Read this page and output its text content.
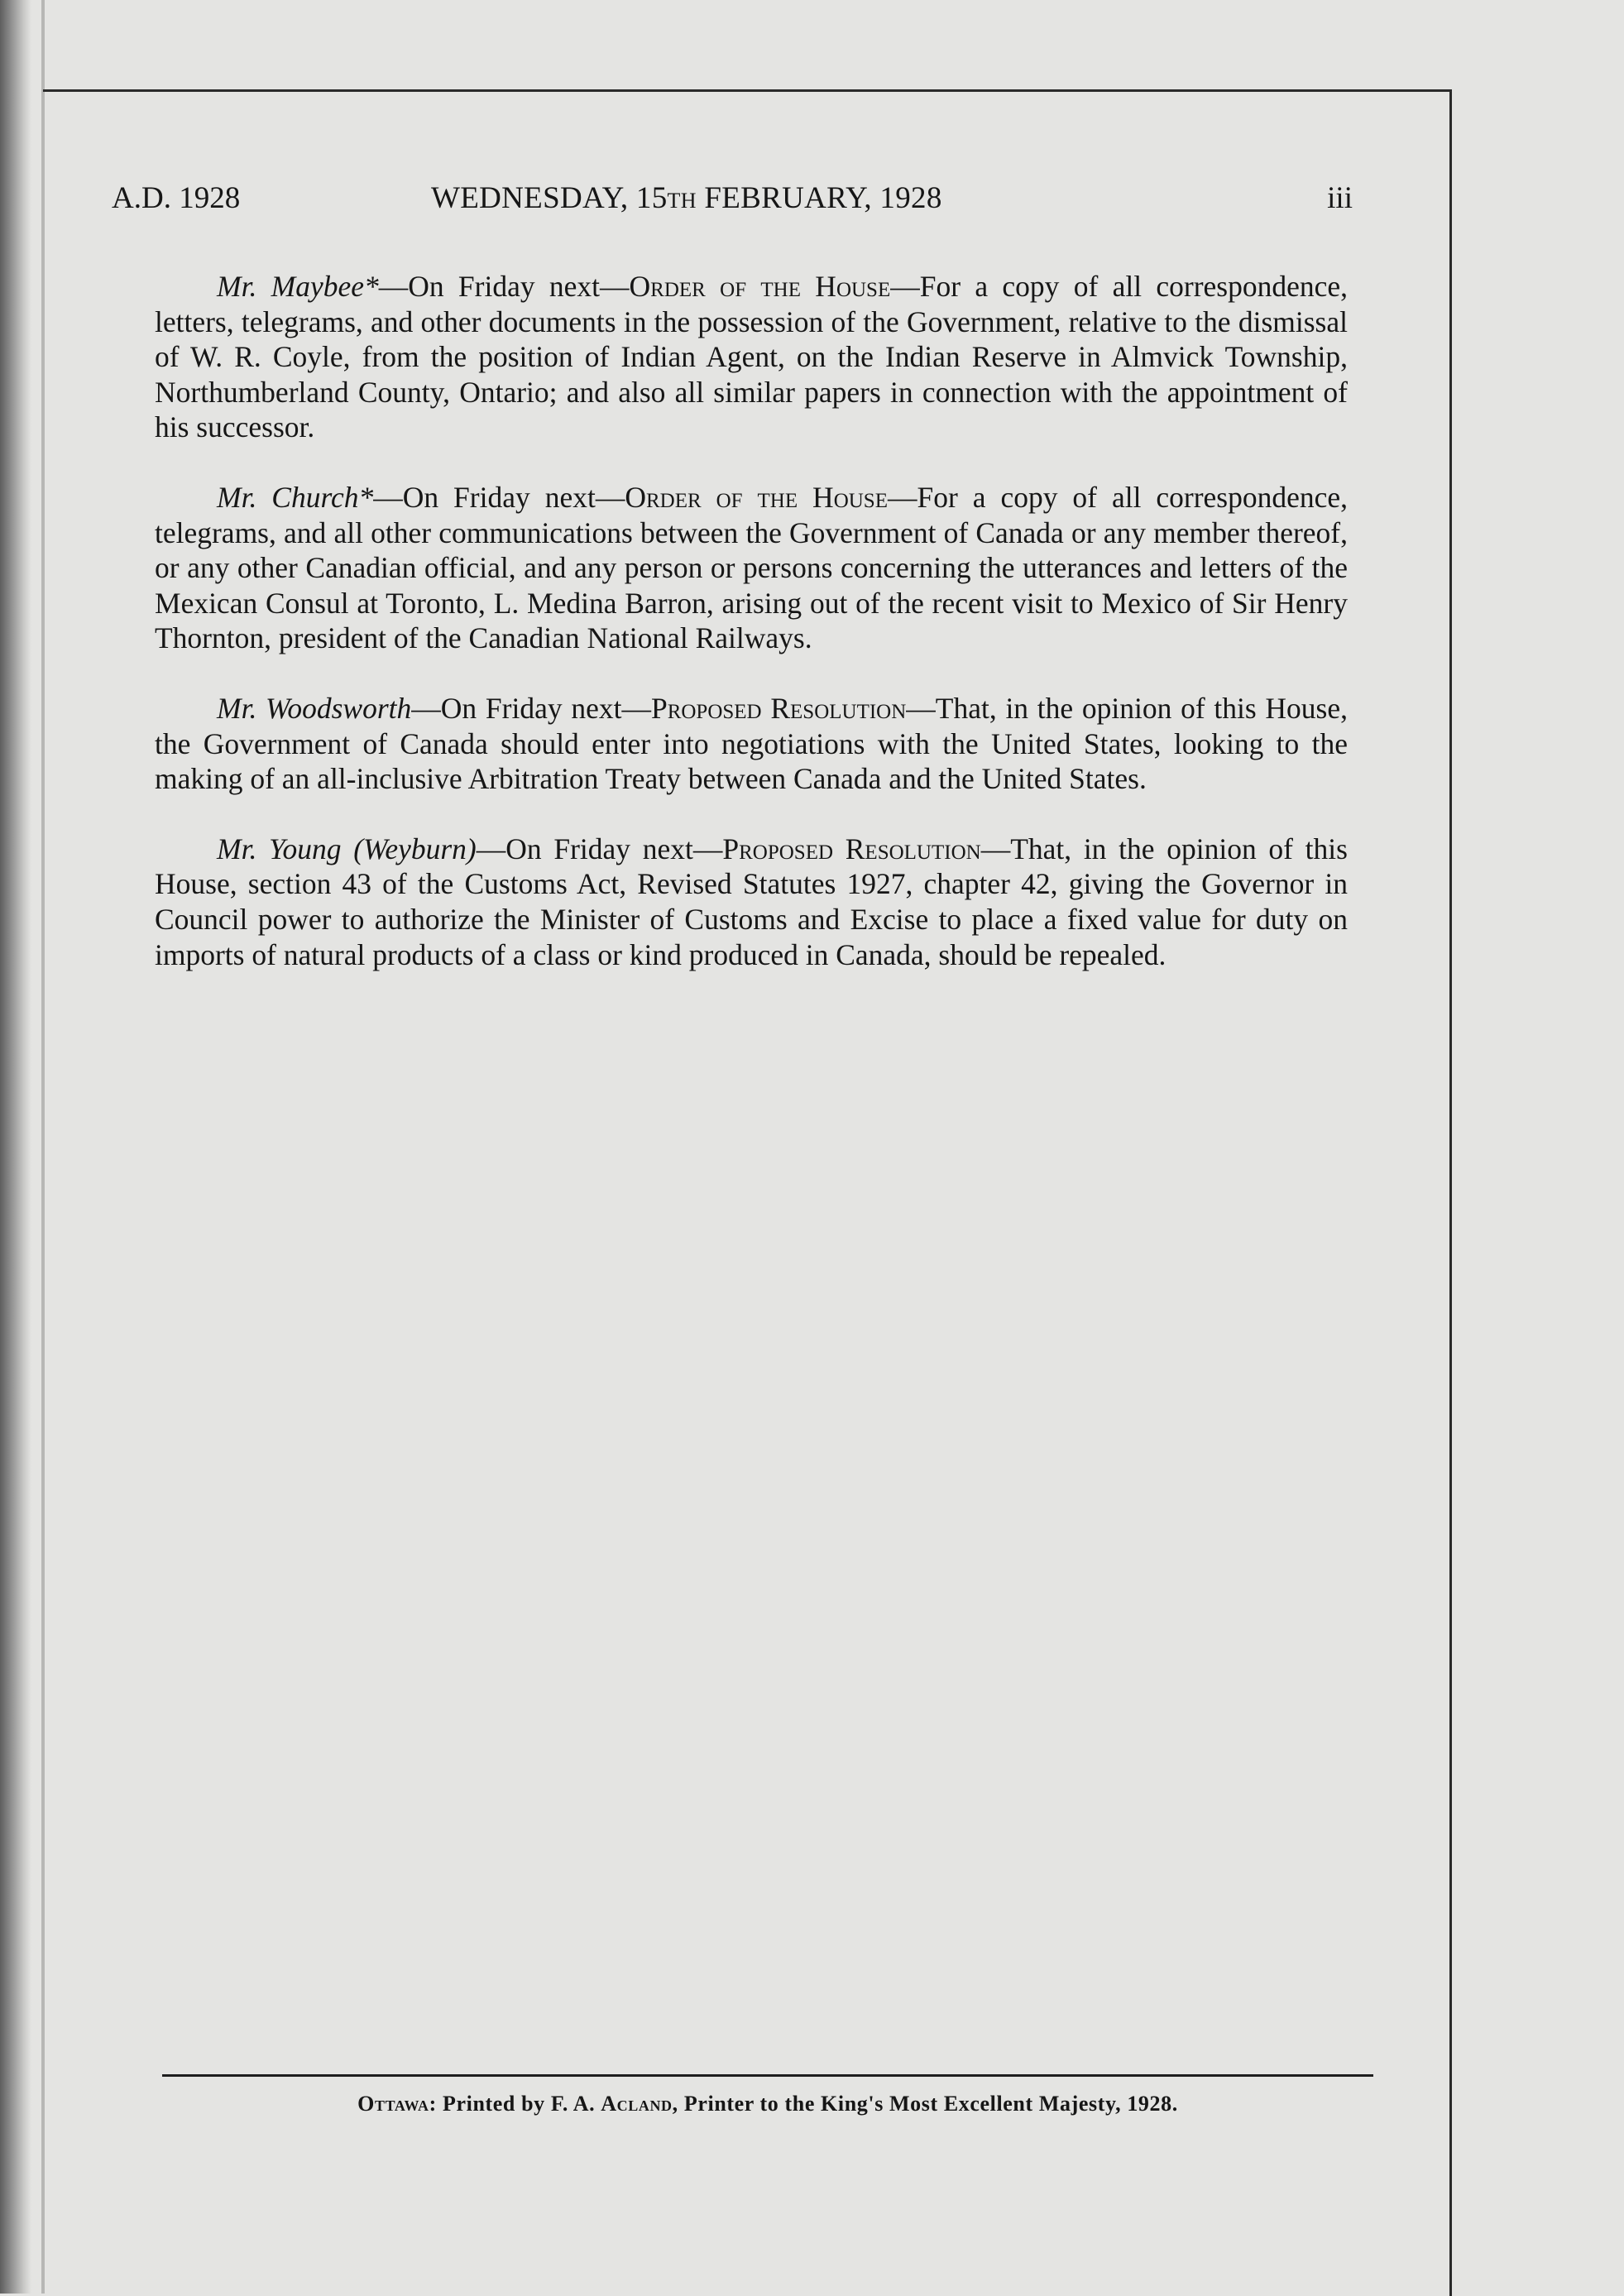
A.D. 1928	WEDNESDAY, 15th FEBRUARY, 1928	iii

Mr. Maybee*—On Friday next—Order of the House—For a copy of all correspondence, letters, telegrams, and other documents in the possession of the Government, relative to the dismissal of W. R. Coyle, from the position of Indian Agent, on the Indian Reserve in Almvick Township, Northumberland County, Ontario; and also all similar papers in connection with the appointment of his successor.

Mr. Church*—On Friday next—Order of the House—For a copy of all correspondence, telegrams, and all other communications between the Government of Canada or any member thereof, or any other Canadian official, and any person or persons concerning the utterances and letters of the Mexican Consul at Toronto, L. Medina Barron, arising out of the recent visit to Mexico of Sir Henry Thornton, president of the Canadian National Railways.

Mr. Woodsworth—On Friday next—Proposed Resolution—That, in the opinion of this House, the Government of Canada should enter into negotiations with the United States, looking to the making of an all-inclusive Arbitration Treaty between Canada and the United States.

Mr. Young (Weyburn)—On Friday next—Proposed Resolution—That, in the opinion of this House, section 43 of the Customs Act, Revised Statutes 1927, chapter 42, giving the Governor in Council power to authorize the Minister of Customs and Excise to place a fixed value for duty on imports of natural products of a class or kind produced in Canada, should be repealed.

Ottawa: Printed by F. A. Acland, Printer to the King's Most Excellent Majesty, 1928.
